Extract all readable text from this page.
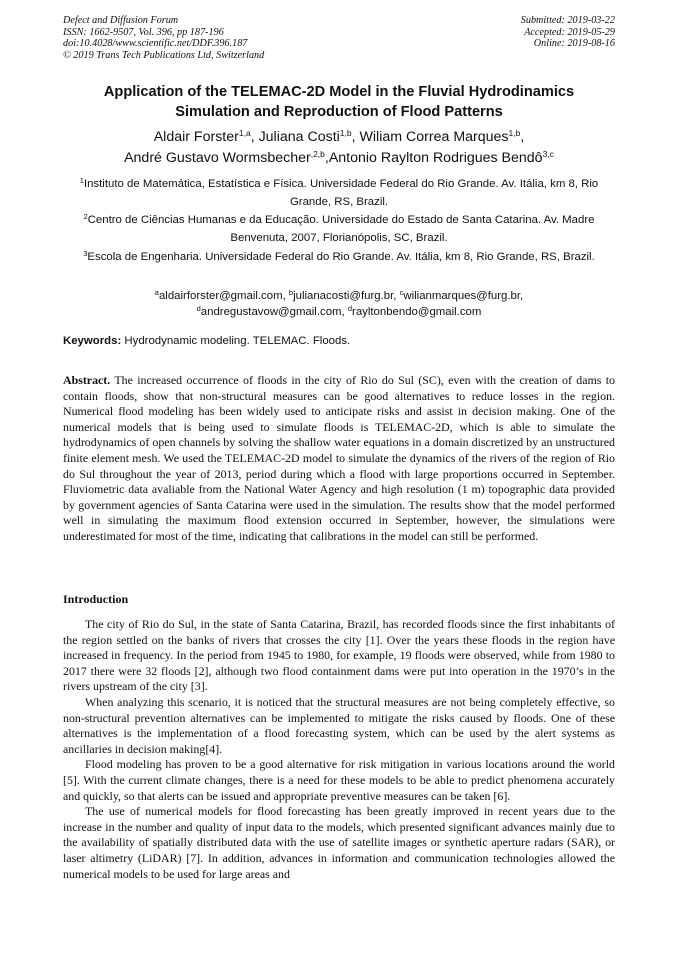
Defect and Diffusion Forum
ISSN: 1662-9507, Vol. 396, pp 187-196
doi:10.4028/www.scientific.net/DDF.396.187
© 2019 Trans Tech Publications Ltd, Switzerland
Submitted: 2019-03-22
Accepted: 2019-05-29
Online: 2019-08-16
Application of the TELEMAC-2D Model in the Fluvial Hydrodinamics
Simulation and Reproduction of Flood Patterns
Aldair Forster$^{1,a}$, Juliana Costi$^{1,b}$, Wiliam Correa Marques$^{1,b}$,
André Gustavo Wormsbecher$^{,2,b}$,Antonio Raylton Rodrigues Bendô$^{3,c}$
$^1$Instituto de Matemática, Estatística e Física. Universidade Federal do Rio Grande. Av. Itália, km 8, Rio Grande, RS, Brazil.
$^2$Centro de Ciências Humanas e da Educação. Universidade do Estado de Santa Catarina. Av. Madre Benvenuta, 2007, Florianópolis, SC, Brazil.
$^3$Escola de Engenharia. Universidade Federal do Rio Grande. Av. Itália, km 8, Rio Grande, RS, Brazil.
$^a$aldairforster@gmail.com, $^b$julianacosti@furg.br, $^c$wilianmarques@furg.br,
$^d$andregustavow@gmail.com, $^d$rayltonbendo@gmail.com
Keywords: Hydrodynamic modeling. TELEMAC. Floods.
Abstract. The increased occurrence of floods in the city of Rio do Sul (SC), even with the creation of dams to contain floods, show that non-structural measures can be good alternatives to reduce losses in the region. Numerical flood modeling has been widely used to anticipate risks and assist in decision making. One of the numerical models that is being used to simulate floods is TELEMAC-2D, which is able to simulate the hydrodynamics of open channels by solving the shallow water equations in a domain discretized by an unstructured finite element mesh. We used the TELEMAC-2D model to simulate the dynamics of the rivers of the region of Rio do Sul throughout the year of 2013, period during which a flood with large proportions occurred in September. Fluviometric data avaliable from the National Water Agency and high resolution (1 m) topographic data provided by government agencies of Santa Catarina were used in the simulation. The results show that the model performed well in simulating the maximum flood extension occurred in September, however, the simulations were underestimated for most of the time, indicating that calibrations in the model can still be performed.
Introduction

The city of Rio do Sul, in the state of Santa Catarina, Brazil, has recorded floods since the first inhabitants of the region settled on the banks of rivers that crosses the city [1]. Over the years these floods in the region have increased in frequency. In the period from 1945 to 1980, for example, 19 floods were observed, while from 1980 to 2017 there were 32 floods [2], although two flood containment dams were put into operation in the 1970’s in the rivers upstream of the city [3].

When analyzing this scenario, it is noticed that the structural measures are not being completely effective, so non-structural prevention alternatives can be implemented to mitigate the risks caused by floods. One of these alternatives is the implementation of a flood forecasting system, which can be used by the alert systems as ancillaries in decision making[4].

Flood modeling has proven to be a good alternative for risk mitigation in various locations around the world [5]. With the current climate changes, there is a need for these models to be able to predict phenomena accurately and quickly, so that alerts can be issued and appropriate preventive measures can be taken [6].

The use of numerical models for flood forecasting has been greatly improved in recent years due to the increase in the number and quality of input data to the models, which presented significant advances mainly due to the availability of spatially distributed data with the use of satellite images or synthetic aperture radars (SAR), or laser altimetry (LiDAR) [7]. In addition, advances in information and communication technologies allowed the numerical models to be used for large areas and
